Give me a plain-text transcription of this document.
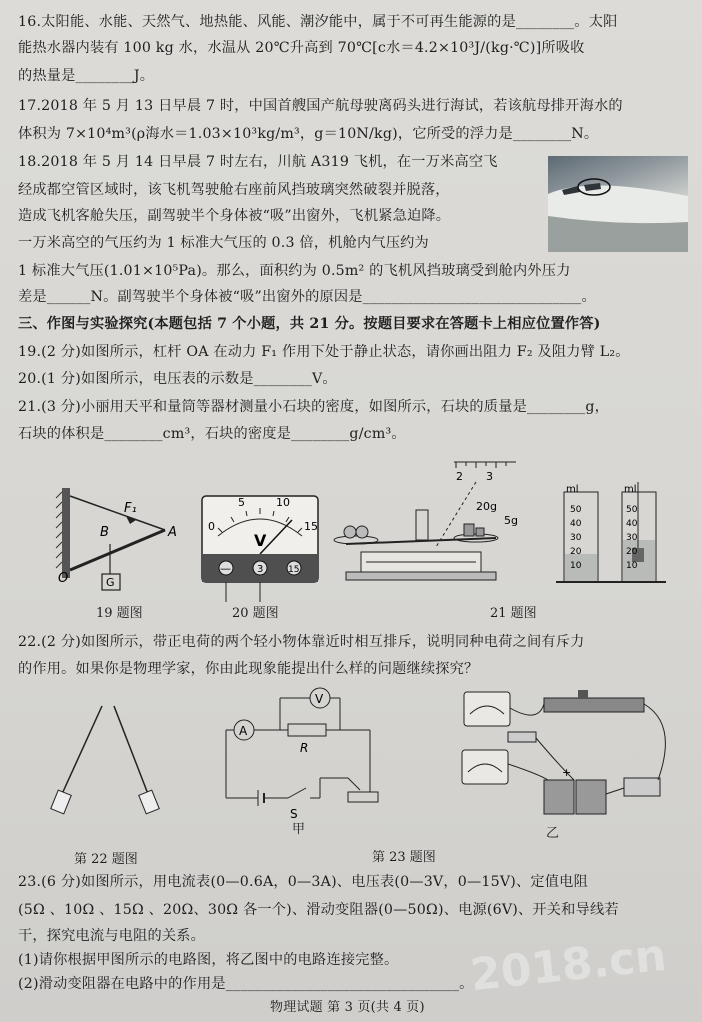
16.太阳能、水能、天然气、地热能、风能、潮汐能中，属于不可再生能源的是________。太阳
能热水器内装有 100 kg 水，水温从 20℃升高到 70℃[c水＝4.2×10³J/(kg·℃)]所吸收
的热量是________J。
17.2018 年 5 月 13 日早晨 7 时，中国首艘国产航母驶离码头进行海试，若该航母排开海水的
体积为 7×10⁴m³(ρ海水＝1.03×10³kg/m³，g＝10N/kg)，它所受的浮力是________N。
18.2018 年 5 月 14 日早晨 7 时左右，川航 A319 飞机，在一万米高空飞
经成都空管区域时，该飞机驾驶舱右座前风挡玻璃突然破裂并脱落，
造成飞机客舱失压，副驾驶半个身体被“吸”出窗外，飞机紧急迫降。
一万米高空的气压约为 1 标准大气压的 0.3 倍，机舱内气压约为
1 标准大气压(1.01×10⁵Pa)。那么，面积约为 0.5m² 的飞机风挡玻璃受到舱内外压力
差是______N。副驾驶半个身体被“吸”出窗外的原因是______________________________。
三、作图与实验探究(本题包括 7 个小题，共 21 分。按题目要求在答题卡上相应位置作答)
19.(2 分)如图所示，杠杆 OA 在动力 F₁ 作用下处于静止状态，请你画出阻力 F₂ 及阻力臂 L₂。
20.(1 分)如图所示，电压表的示数是________V。
21.(3 分)小丽用天平和量筒等器材测量小石块的密度，如图所示，石块的质量是________g，
石块的体积是________cm³，石块的密度是________g/cm³。
O
B	A
F₁
G
19 题图
5	10
0	15
V
—	3	15
20 题图
2 3
20g
5g
ml	ml
50
40
30
20
10
50
40
30
20
10
21 题图
22.(2 分)如图所示，带正电荷的两个轻小物体靠近时相互排斥，说明同种电荷之间有斥力
的作用。如果你是物理学家，你由此现象能提出什么样的问题继续探究？
第 22 题图
A
V
R
S
甲
+
乙
第 23 题图
23.(6 分)如图所示，用电流表(0—0.6A，0—3A)、电压表(0—3V，0—15V)、定值电阻
(5Ω 、10Ω 、15Ω 、20Ω、30Ω 各一个)、滑动变阻器(0—50Ω)、电源(6V)、开关和导线若
干，探究电流与电阻的关系。
(1)请你根据甲图所示的电路图，将乙图中的电路连接完整。
(2)滑动变阻器在电路中的作用是________________________________。
物理试题 第 3 页(共 4 页)
2018.cn
